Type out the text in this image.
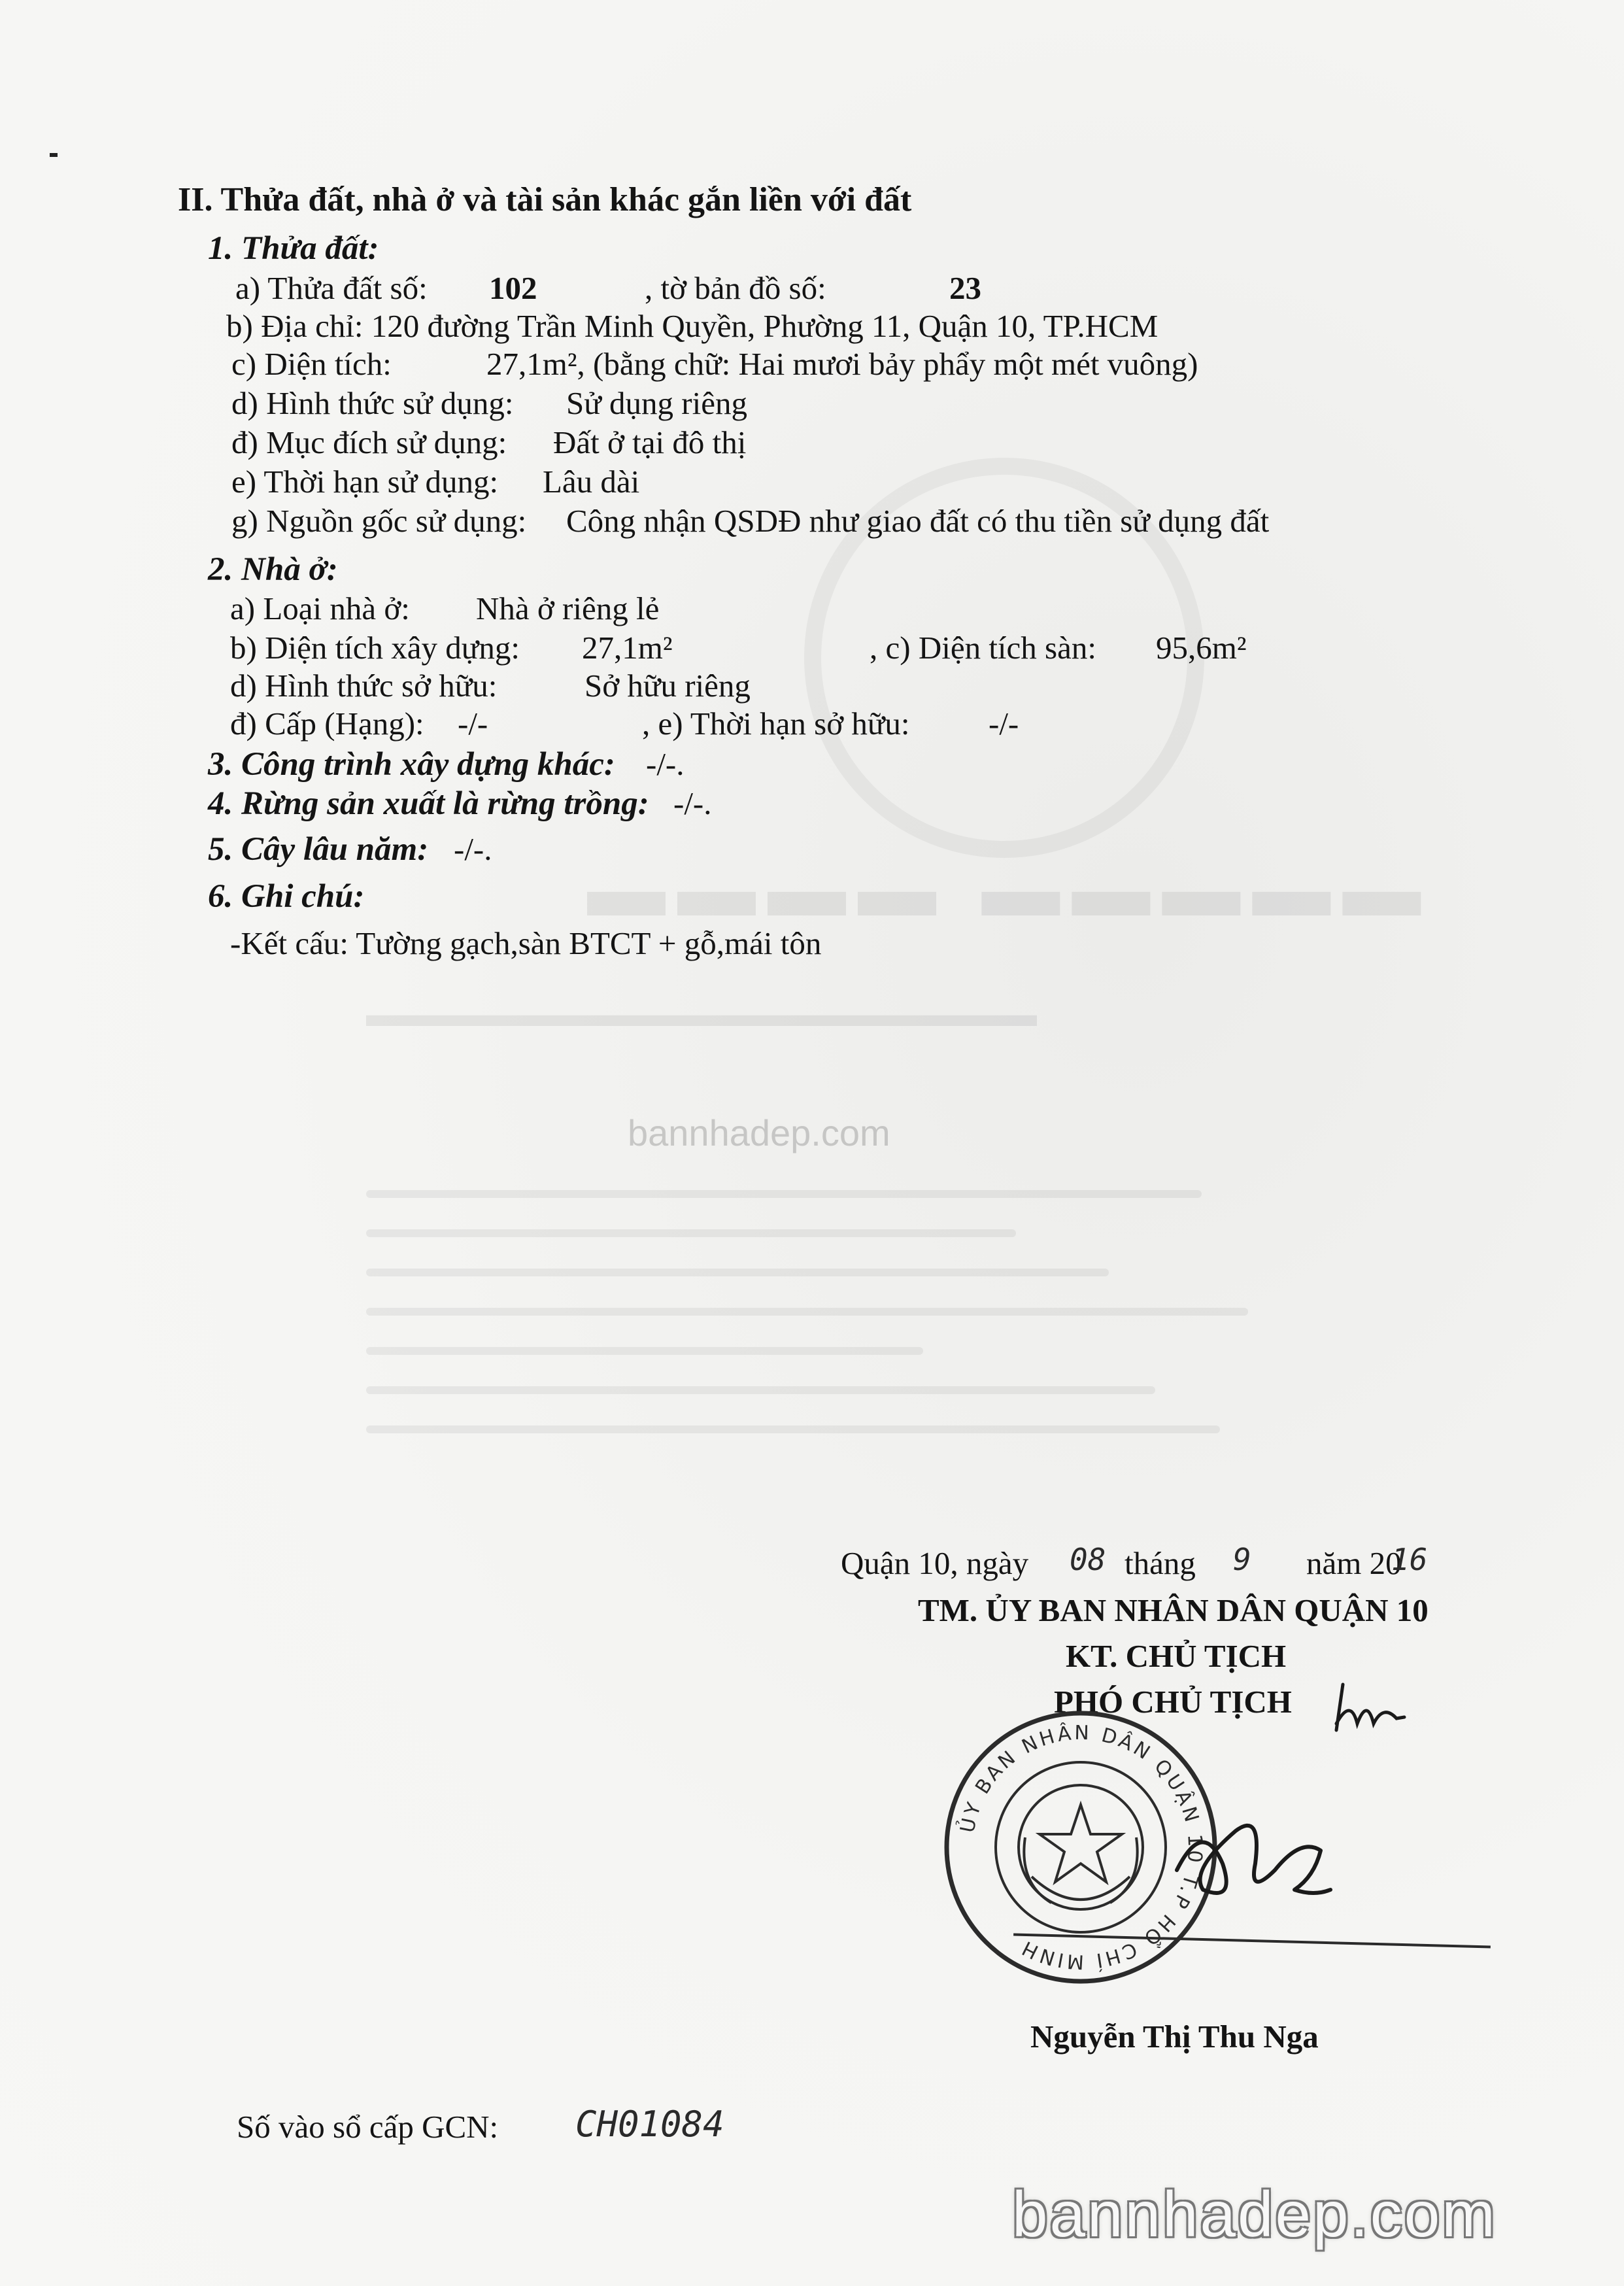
▬▬▬▬▬ ▬▬▬▬
▬▬▬▬▬▬▬▬▬▬▬▬▬▬▬▬▬▬▬
II. Thửa đất, nhà ở và tài sản khác gắn liền với đất
1. Thửa đất:
a) Thửa đất số: 102	, tờ bản đồ số:	23
b) Địa chỉ: 120 đường Trần Minh Quyền, Phường 11, Quận 10, TP.HCM
c) Diện tích:	27,1m², (bằng chữ: Hai mươi bảy phẩy một mét vuông)
d) Hình thức sử dụng: Sử dụng riêng
đ) Mục đích sử dụng: Đất ở tại đô thị
e) Thời hạn sử dụng: Lâu dài
g) Nguồn gốc sử dụng: Công nhận QSDĐ như giao đất có thu tiền sử dụng đất
2. Nhà ở:
a) Loại nhà ở: Nhà ở riêng lẻ
b) Diện tích xây dựng: 27,1m²	, c) Diện tích sàn: 95,6m²
d) Hình thức sở hữu:	Sở hữu riêng
đ) Cấp (Hạng): -/-	, e) Thời hạn sở hữu: -/-
3. Công trình xây dựng khác: -/-.
4. Rừng sản xuất là rừng trồng: -/-.
5. Cây lâu năm: -/-.
6. Ghi chú:
-Kết cấu: Tường gạch,sàn BTCT + gỗ,mái tôn
bannhadep.com
Quận 10, ngày 08 tháng 9 năm 20
16
TM. ỦY BAN NHÂN DÂN QUẬN 10
KT. CHỦ TỊCH
PHÓ CHỦ TỊCH
ỦY BAN NHÂN DÂN QUẬN 10 T.P HỒ CHÍ MINH
Nguyễn Thị Thu Nga
Số vào sổ cấp GCN: CH01084
bannhadep.com
